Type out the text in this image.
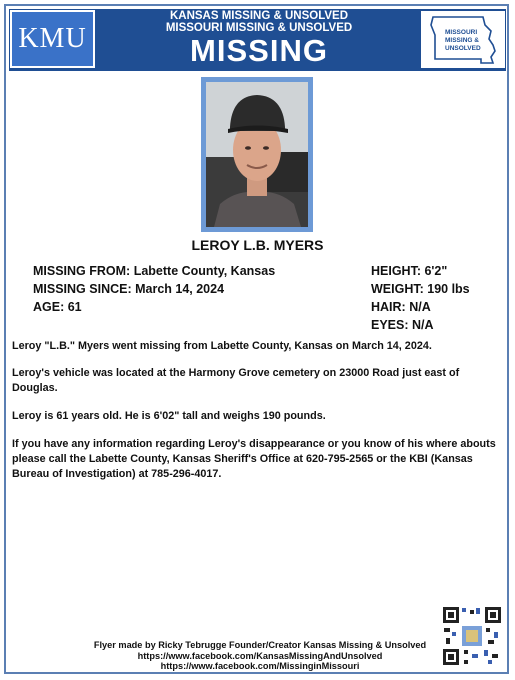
KMU
KANSAS MISSING & UNSOLVED
MISSOURI MISSING & UNSOLVED
MISSING
MISSOURI
MISSING &
UNSOLVED
LEROY L.B. MYERS
MISSING FROM: Labette County, Kansas
MISSING SINCE: March 14, 2024
AGE: 61
HEIGHT: 6'2"
WEIGHT: 190 lbs
HAIR: N/A
EYES: N/A
Leroy "L.B." Myers went missing from Labette County, Kansas on March 14, 2024.
Leroy's vehicle was located at the Harmony Grove cemetery on 23000 Road just east of Douglas.
Leroy is 61 years old. He is 6'02" tall and weighs 190 pounds.
If you have any information regarding Leroy's disappearance or you know of his where abouts please call the Labette County, Kansas Sheriff's Office at 620-795-2565 or the KBI (Kansas Bureau of Investigation) at 785-296-4017.
Flyer made by Ricky Tebrugge Founder/Creator Kansas Missing & Unsolved
https://www.facebook.com/KansasMissingAndUnsolved
https://www.facebook.com/MissinginMissouri
